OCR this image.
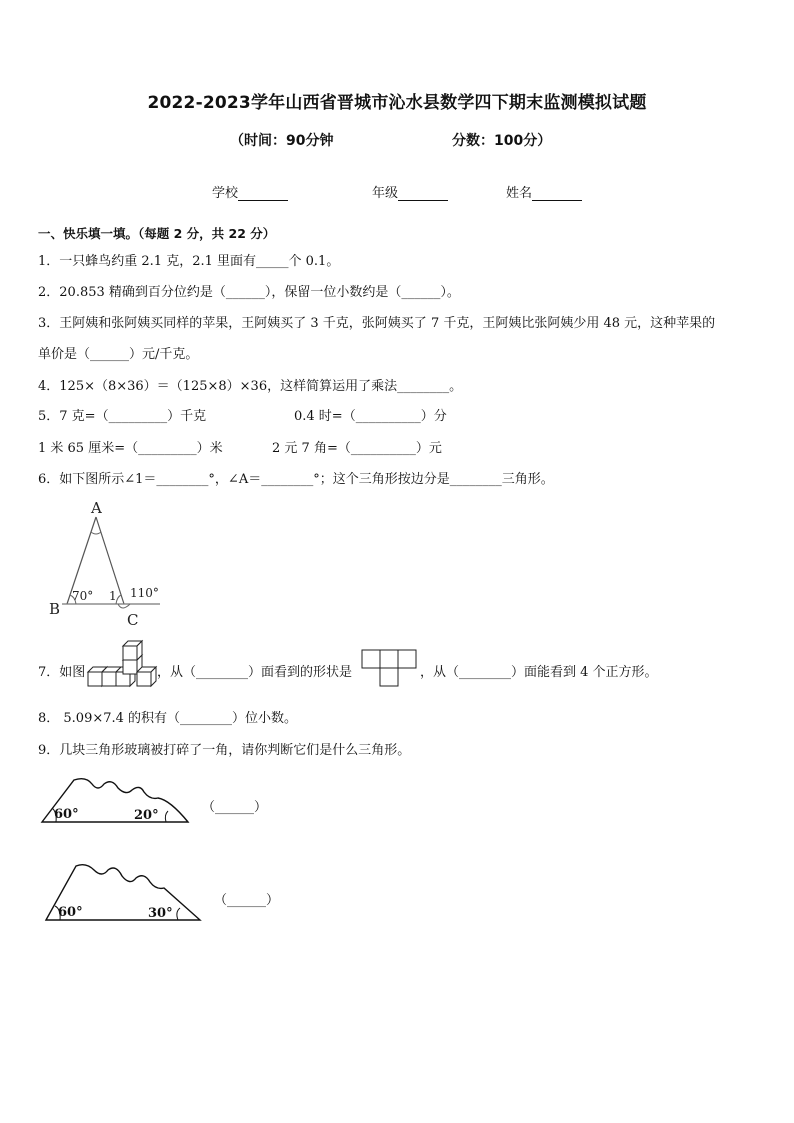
2022-2023学年山西省晋城市沁水县数学四下期末监测模拟试题
（时间：90分钟	分数：100分）
学校	年级	姓名
一、快乐填一填。（每题 2 分，共 22 分）
1．一只蜂鸟约重 2.1 克，2.1 里面有_____个 0.1。
2．20.853 精确到百分位约是（______），保留一位小数约是（______）。
3．王阿姨和张阿姨买同样的苹果，王阿姨买了 3 千克，张阿姨买了 7 千克，王阿姨比张阿姨少用 48 元，这种苹果的
单价是（______）元/千克。
4．125×（8×36）＝（125×8）×36，这样简算运用了乘法________。
5．7 克=（_________）千克	0.4 时=（__________）分
1 米 65 厘米=（_________）米	2 元 7 角=（__________）元
6．如下图所示∠1＝________°，∠A＝________°；这个三角形按边分是________三角形。
A
B
C
70° 1 110°
7．如图	，从（________）面看到的形状是	，从（________）面能看到 4 个正方形。
8． 5.09×7.4 的积有（________）位小数。
9．几块三角形玻璃被打碎了一角，请你判断它们是什么三角形。
60°	20°
（______）
60°	30°
（______）
